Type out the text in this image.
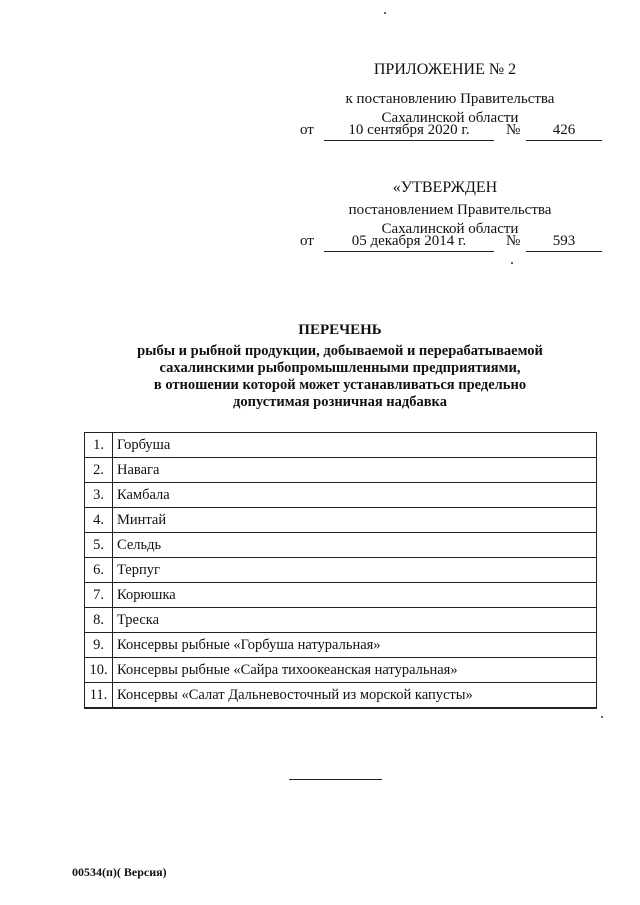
ПРИЛОЖЕНИЕ № 2
к постановлению Правительства
Сахалинской области
от	10 сентября 2020 г.	№	426
«УТВЕРЖДЕН
постановлением Правительства
Сахалинской области
от	05 декабря 2014 г.	№	593
ПЕРЕЧЕНЬ
рыбы и рыбной продукции, добываемой и перерабатываемой
сахалинскими рыбопромышленными предприятиями,
в отношении которой может устанавливаться предельно
допустимая розничная надбавка
1.	Горбуша
2.	Навага
3.	Камбала
4.	Минтай
5.	Сельдь
6.	Терпуг
7.	Корюшка
8.	Треска
9.	Консервы рыбные «Горбуша натуральная»
10.	Консервы рыбные «Сайра тихоокеанская натуральная»
11.	Консервы «Салат Дальневосточный из морской капусты»
00534(п)( Версия)
